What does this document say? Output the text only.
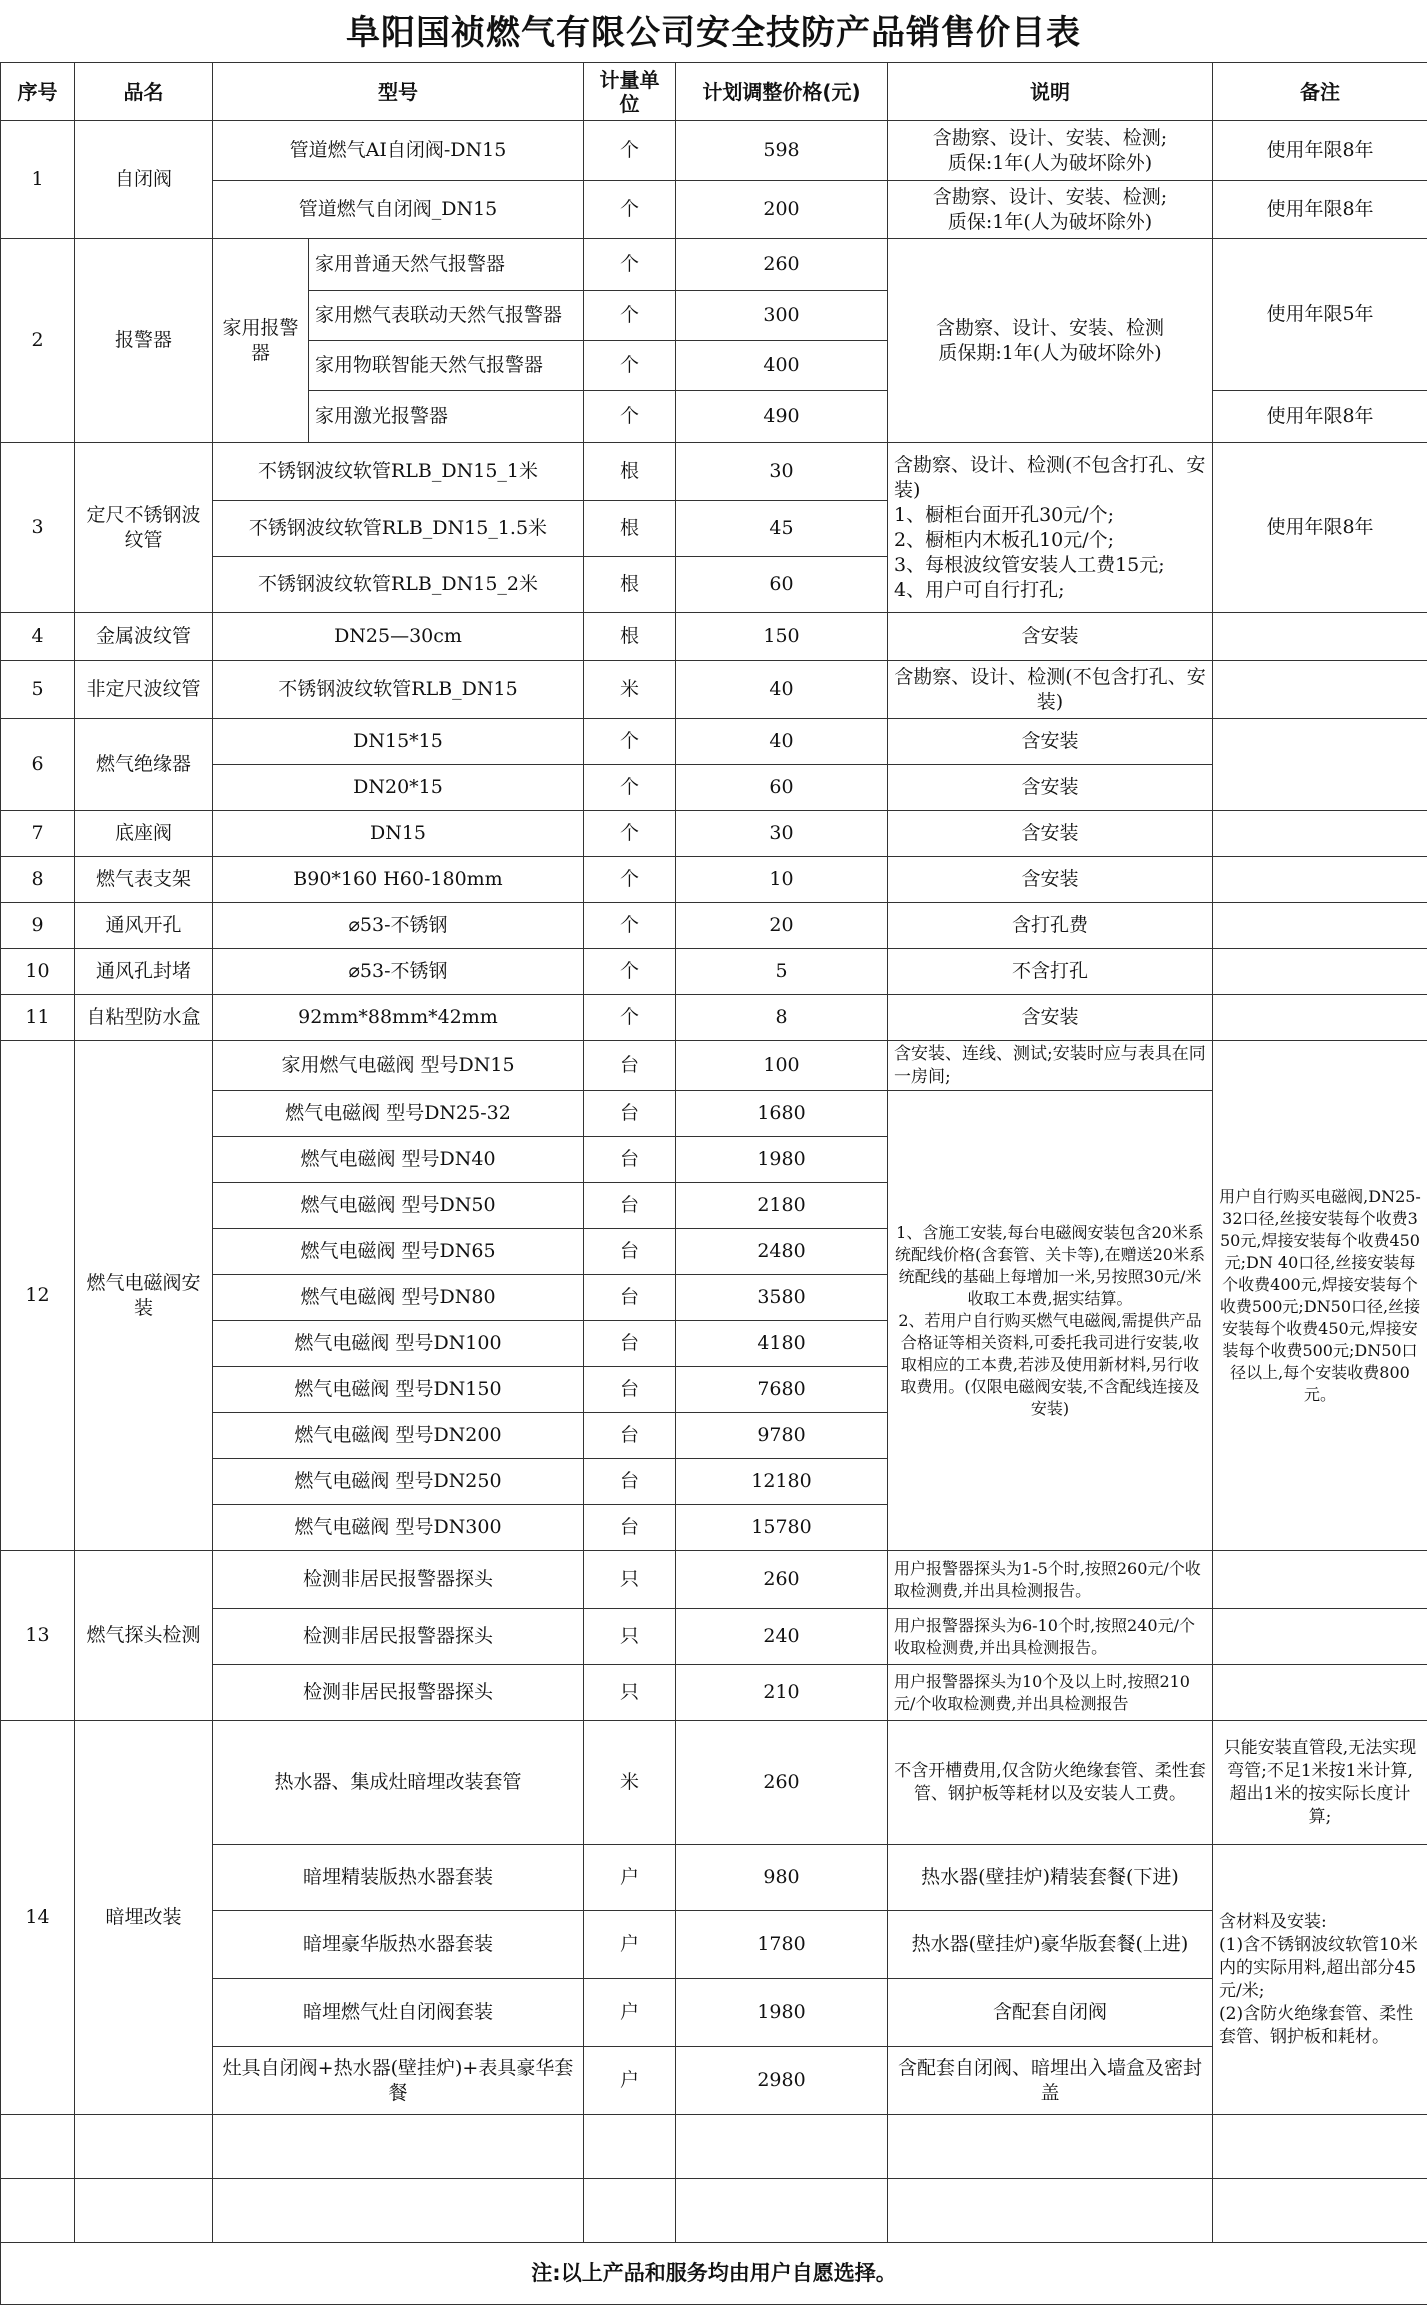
阜阳国祯燃气有限公司安全技防产品销售价目表
序号	品名	型号		计量单位	计划调整价格(元)	说明	备注
1	自闭阀	管道燃气AI自闭阀-DN15		个	598	含勘察、设计、安装、检测;
质保:1年(人为破坏除外)	使用年限8年
		管道燃气自闭阀_DN15		个	200	含勘察、设计、安装、检测;
质保:1年(人为破坏除外)	使用年限8年
2	报警器	家用报警器	家用普通天然气报警器	个	260	含勘察、设计、安装、检测
质保期:1年(人为破坏除外)	使用年限5年
			家用燃气表联动天然气报警器	个	300		
			家用物联智能天然气报警器	个	400		
			家用激光报警器	个	490		使用年限8年
3	定尺不锈钢波纹管	不锈钢波纹软管RLB_DN15_1米		根	30	含勘察、设计、检测(不包含打孔、安装)
1、橱柜台面开孔30元/个;
2、橱柜内木板孔10元/个;
3、每根波纹管安装人工费15元;
4、用户可自行打孔;	使用年限8年
		不锈钢波纹软管RLB_DN15_1.5米		根	45		
		不锈钢波纹软管RLB_DN15_2米		根	60		
4	金属波纹管	DN25—30cm		根	150	含安装	
5	非定尺波纹管	不锈钢波纹软管RLB_DN15		米	40	含勘察、设计、检测(不包含打孔、安装)	
6	燃气绝缘器	DN15*15		个	40	含安装	
		DN20*15		个	60	含安装	
7	底座阀	DN15		个	30	含安装	
8	燃气表支架	B90*160 H60-180mm		个	10	含安装	
9	通风开孔	⌀53-不锈钢		个	20	含打孔费	
10	通风孔封堵	⌀53-不锈钢		个	5	不含打孔	
11	自粘型防水盒	92mm*88mm*42mm		个	8	含安装	
12	燃气电磁阀安装	家用燃气电磁阀 型号DN15		台	100	含安装、连线、测试;安装时应与表具在同一房间;	用户自行购买电磁阀,DN25-32口径,丝接安装每个收费350元,焊接安装每个收费450元;DN 40口径,丝接安装每个收费400元,焊接安装每个收费500元;DN50口径,丝接安装每个收费450元,焊接安装每个收费500元;DN50口径以上,每个安装收费800元。
		燃气电磁阀 型号DN25-32		台	1680	1、含施工安装,每台电磁阀安装包含20米系统配线价格(含套管、关卡等),在赠送20米系统配线的基础上每增加一米,另按照30元/米收取工本费,据实结算。
2、若用户自行购买燃气电磁阀,需提供产品合格证等相关资料,可委托我司进行安装,收取相应的工本费,若涉及使用新材料,另行收取费用。(仅限电磁阀安装,不含配线连接及安装)	
		燃气电磁阀 型号DN40		台	1980		
		燃气电磁阀 型号DN50		台	2180		
		燃气电磁阀 型号DN65		台	2480		
		燃气电磁阀 型号DN80		台	3580		
		燃气电磁阀 型号DN100		台	4180		
		燃气电磁阀 型号DN150		台	7680		
		燃气电磁阀 型号DN200		台	9780		
		燃气电磁阀 型号DN250		台	12180		
		燃气电磁阀 型号DN300		台	15780		
13	燃气探头检测	检测非居民报警器探头		只	260	用户报警器探头为1-5个时,按照260元/个收取检测费,并出具检测报告。	
		检测非居民报警器探头		只	240	用户报警器探头为6-10个时,按照240元/个收取检测费,并出具检测报告。	
		检测非居民报警器探头		只	210	用户报警器探头为10个及以上时,按照210元/个收取检测费,并出具检测报告	
14	暗埋改装	热水器、集成灶暗埋改装套管		米	260	不含开槽费用,仅含防火绝缘套管、柔性套管、钢护板等耗材以及安装人工费。	只能安装直管段,无法实现弯管;不足1米按1米计算,超出1米的按实际长度计算;
		暗埋精装版热水器套装		户	980	热水器(壁挂炉)精装套餐(下进)	含材料及安装:
(1)含不锈钢波纹软管10米内的实际用料,超出部分45元/米;
(2)含防火绝缘套管、柔性套管、钢护板和耗材。
		暗埋豪华版热水器套装		户	1780	热水器(壁挂炉)豪华版套餐(上进)	
		暗埋燃气灶自闭阀套装		户	1980	含配套自闭阀	
		灶具自闭阀+热水器(壁挂炉)+表具豪华套餐		户	2980	含配套自闭阀、暗埋出入墙盒及密封盖	

注:以上产品和服务均由用户自愿选择。							
